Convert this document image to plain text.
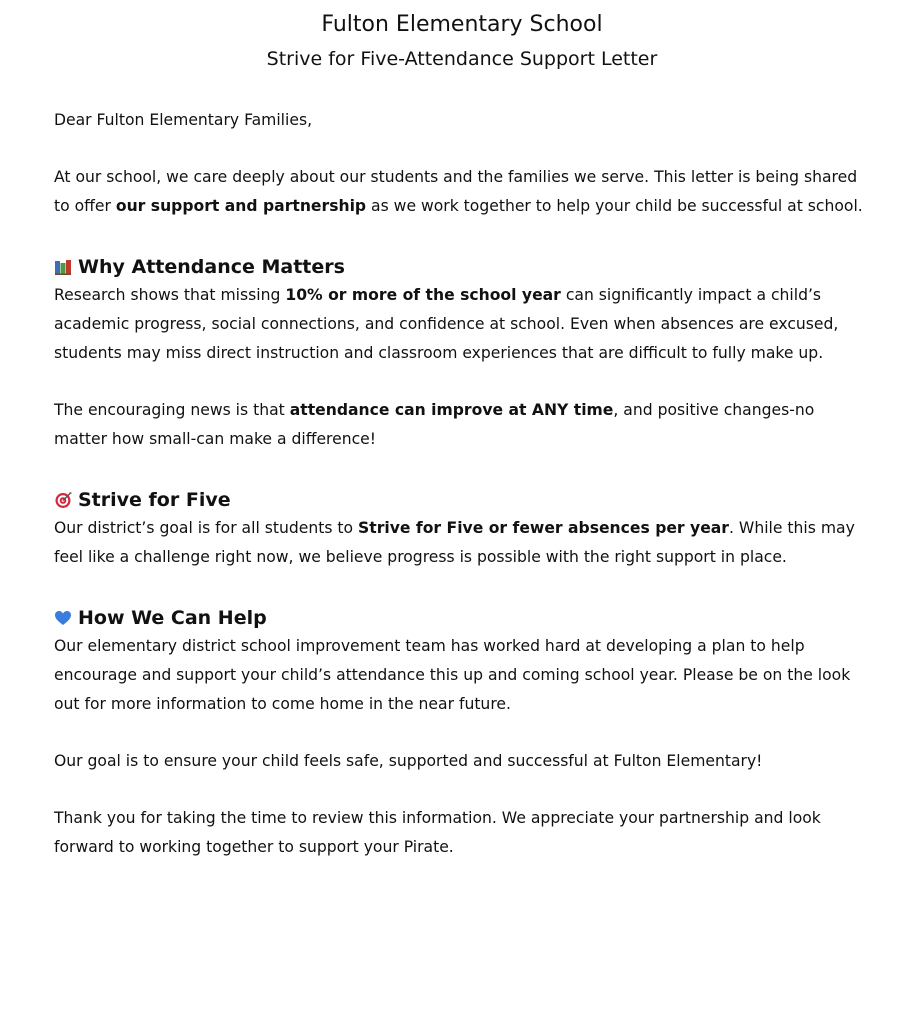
Fulton Elementary School
Strive for Five-Attendance Support Letter

Dear Fulton Elementary Families,

At our school, we care deeply about our students and the families we serve. This letter is being shared to offer our support and partnership as we work together to help your child be successful at school.

Why Attendance Matters

Research shows that missing 10% or more of the school year can significantly impact a child’s academic progress, social connections, and confidence at school. Even when absences are excused, students may miss direct instruction and classroom experiences that are difficult to fully make up.

The encouraging news is that attendance can improve at ANY time, and positive changes-no matter how small-can make a difference!

Strive for Five

Our district’s goal is for all students to Strive for Five or fewer absences per year. While this may feel like a challenge right now, we believe progress is possible with the right support in place.

How We Can Help

Our elementary district school improvement team has worked hard at developing a plan to help encourage and support your child’s attendance this up and coming school year. Please be on the look out for more information to come home in the near future.

Our goal is to ensure your child feels safe, supported and successful at Fulton Elementary!

Thank you for taking the time to review this information. We appreciate your partnership and look forward to working together to support your Pirate.
